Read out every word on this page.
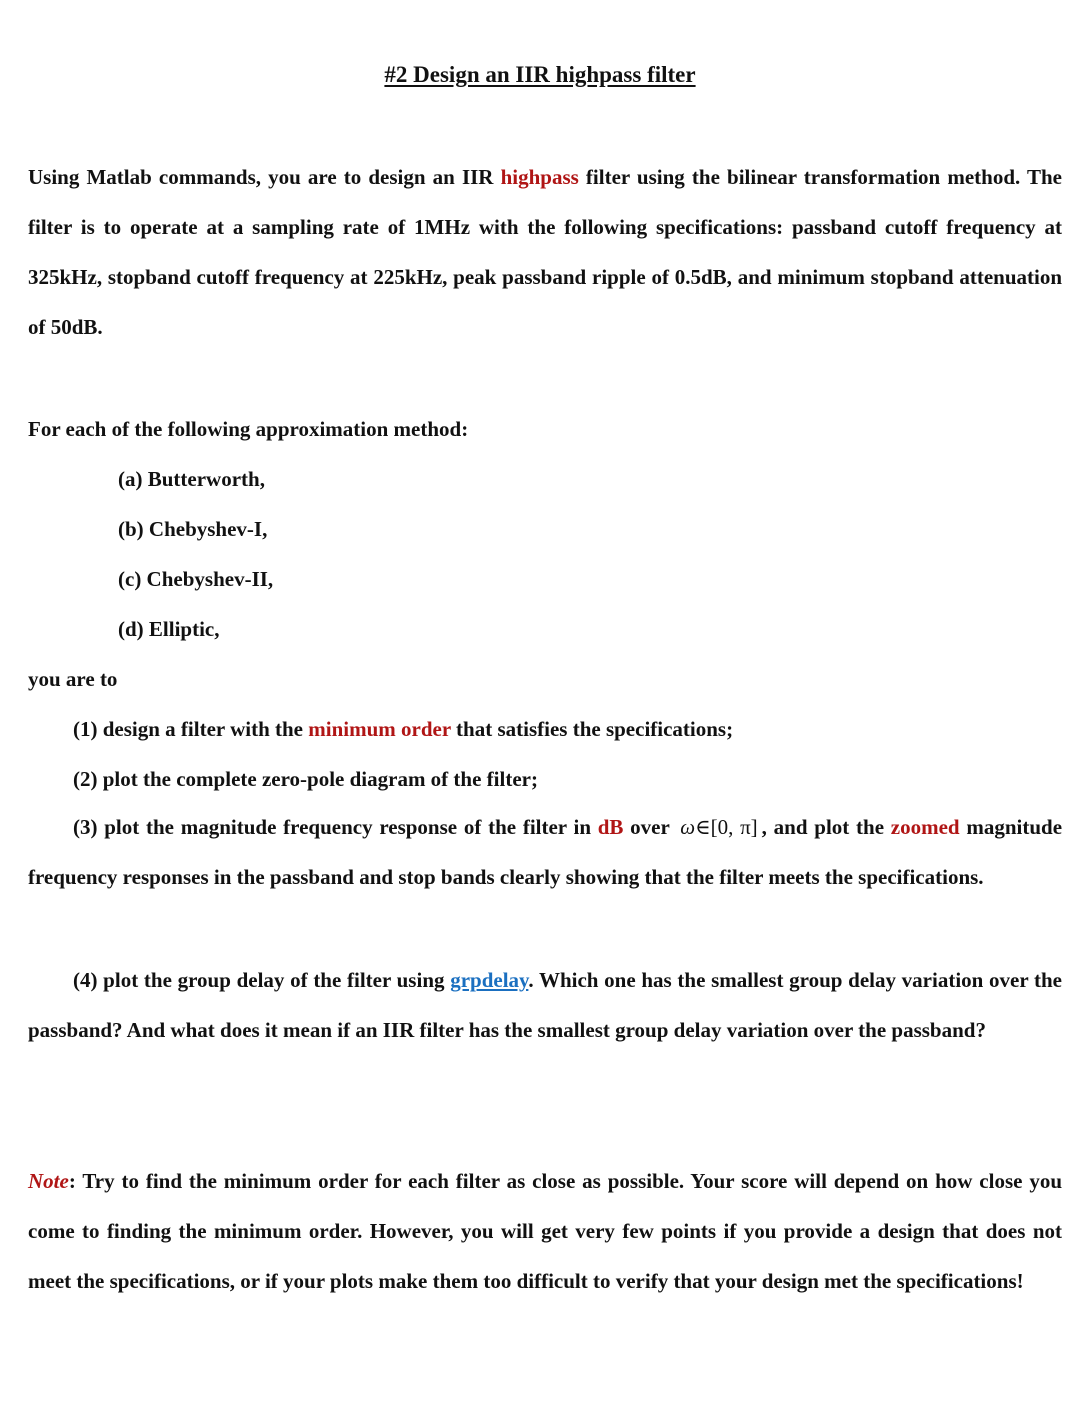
#2 Design an IIR highpass filter

Using Matlab commands, you are to design an IIR highpass filter using the bilinear transformation method. The filter is to operate at a sampling rate of 1MHz with the following specifications: passband cutoff frequency at 325kHz, stopband cutoff frequency at 225kHz, peak passband ripple of 0.5dB, and minimum stopband attenuation of 50dB.

For each of the following approximation method:

(a) Butterworth,

(b) Chebyshev-I,

(c) Chebyshev-II,

(d) Elliptic,

you are to

(1) design a filter with the minimum order that satisfies the specifications;

(2) plot the complete zero-pole diagram of the filter;

(3) plot the magnitude frequency response of the filter in dB over ω∈[0, π] , and plot the zoomed magnitude frequency responses in the passband and stop bands clearly showing that the filter meets the specifications.

(4) plot the group delay of the filter using grpdelay. Which one has the smallest group delay variation over the passband? And what does it mean if an IIR filter has the smallest group delay variation over the passband?

Note: Try to find the minimum order for each filter as close as possible. Your score will depend on how close you come to finding the minimum order. However, you will get very few points if you provide a design that does not meet the specifications, or if your plots make them too difficult to verify that your design met the specifications!
